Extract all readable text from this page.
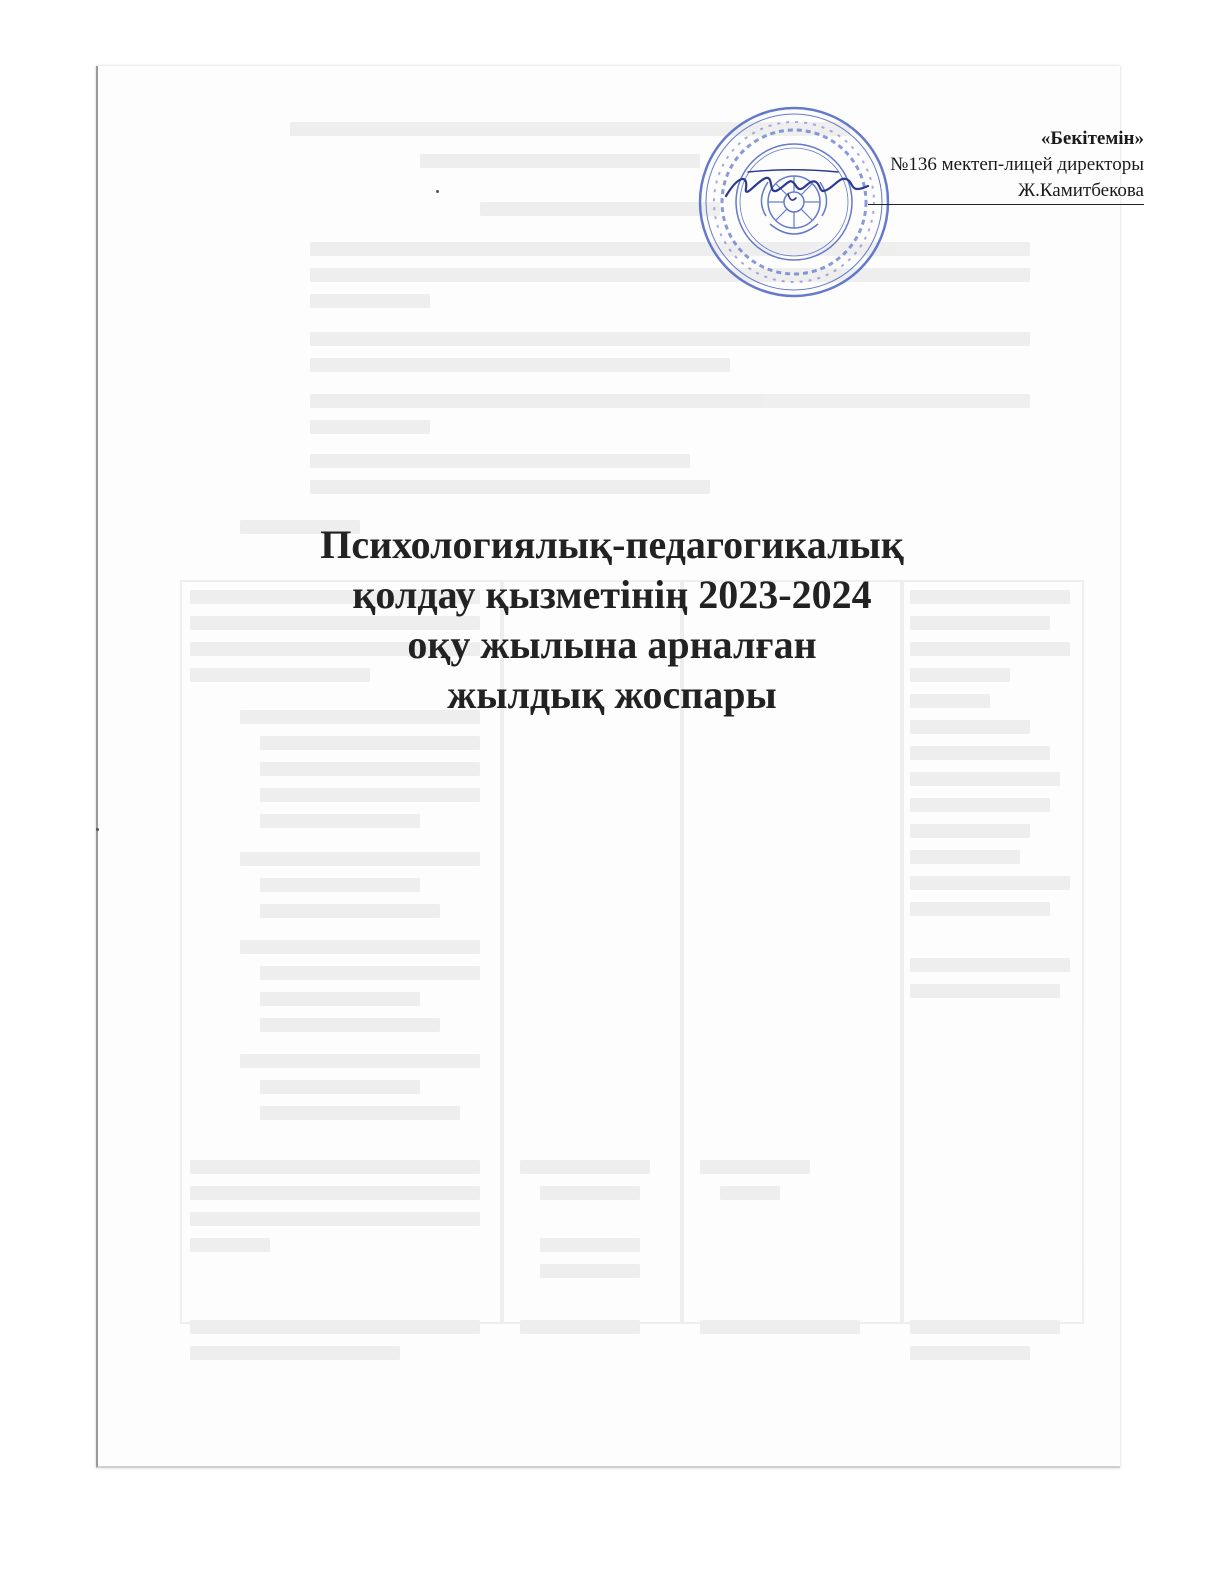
«Бекітемін»
№136 мектеп-лицей директоры
Ж.Камитбекова
Психологиялық-педагогикалық
қолдау қызметінің 2023-2024
оқу жылына арналған
жылдық жоспары
